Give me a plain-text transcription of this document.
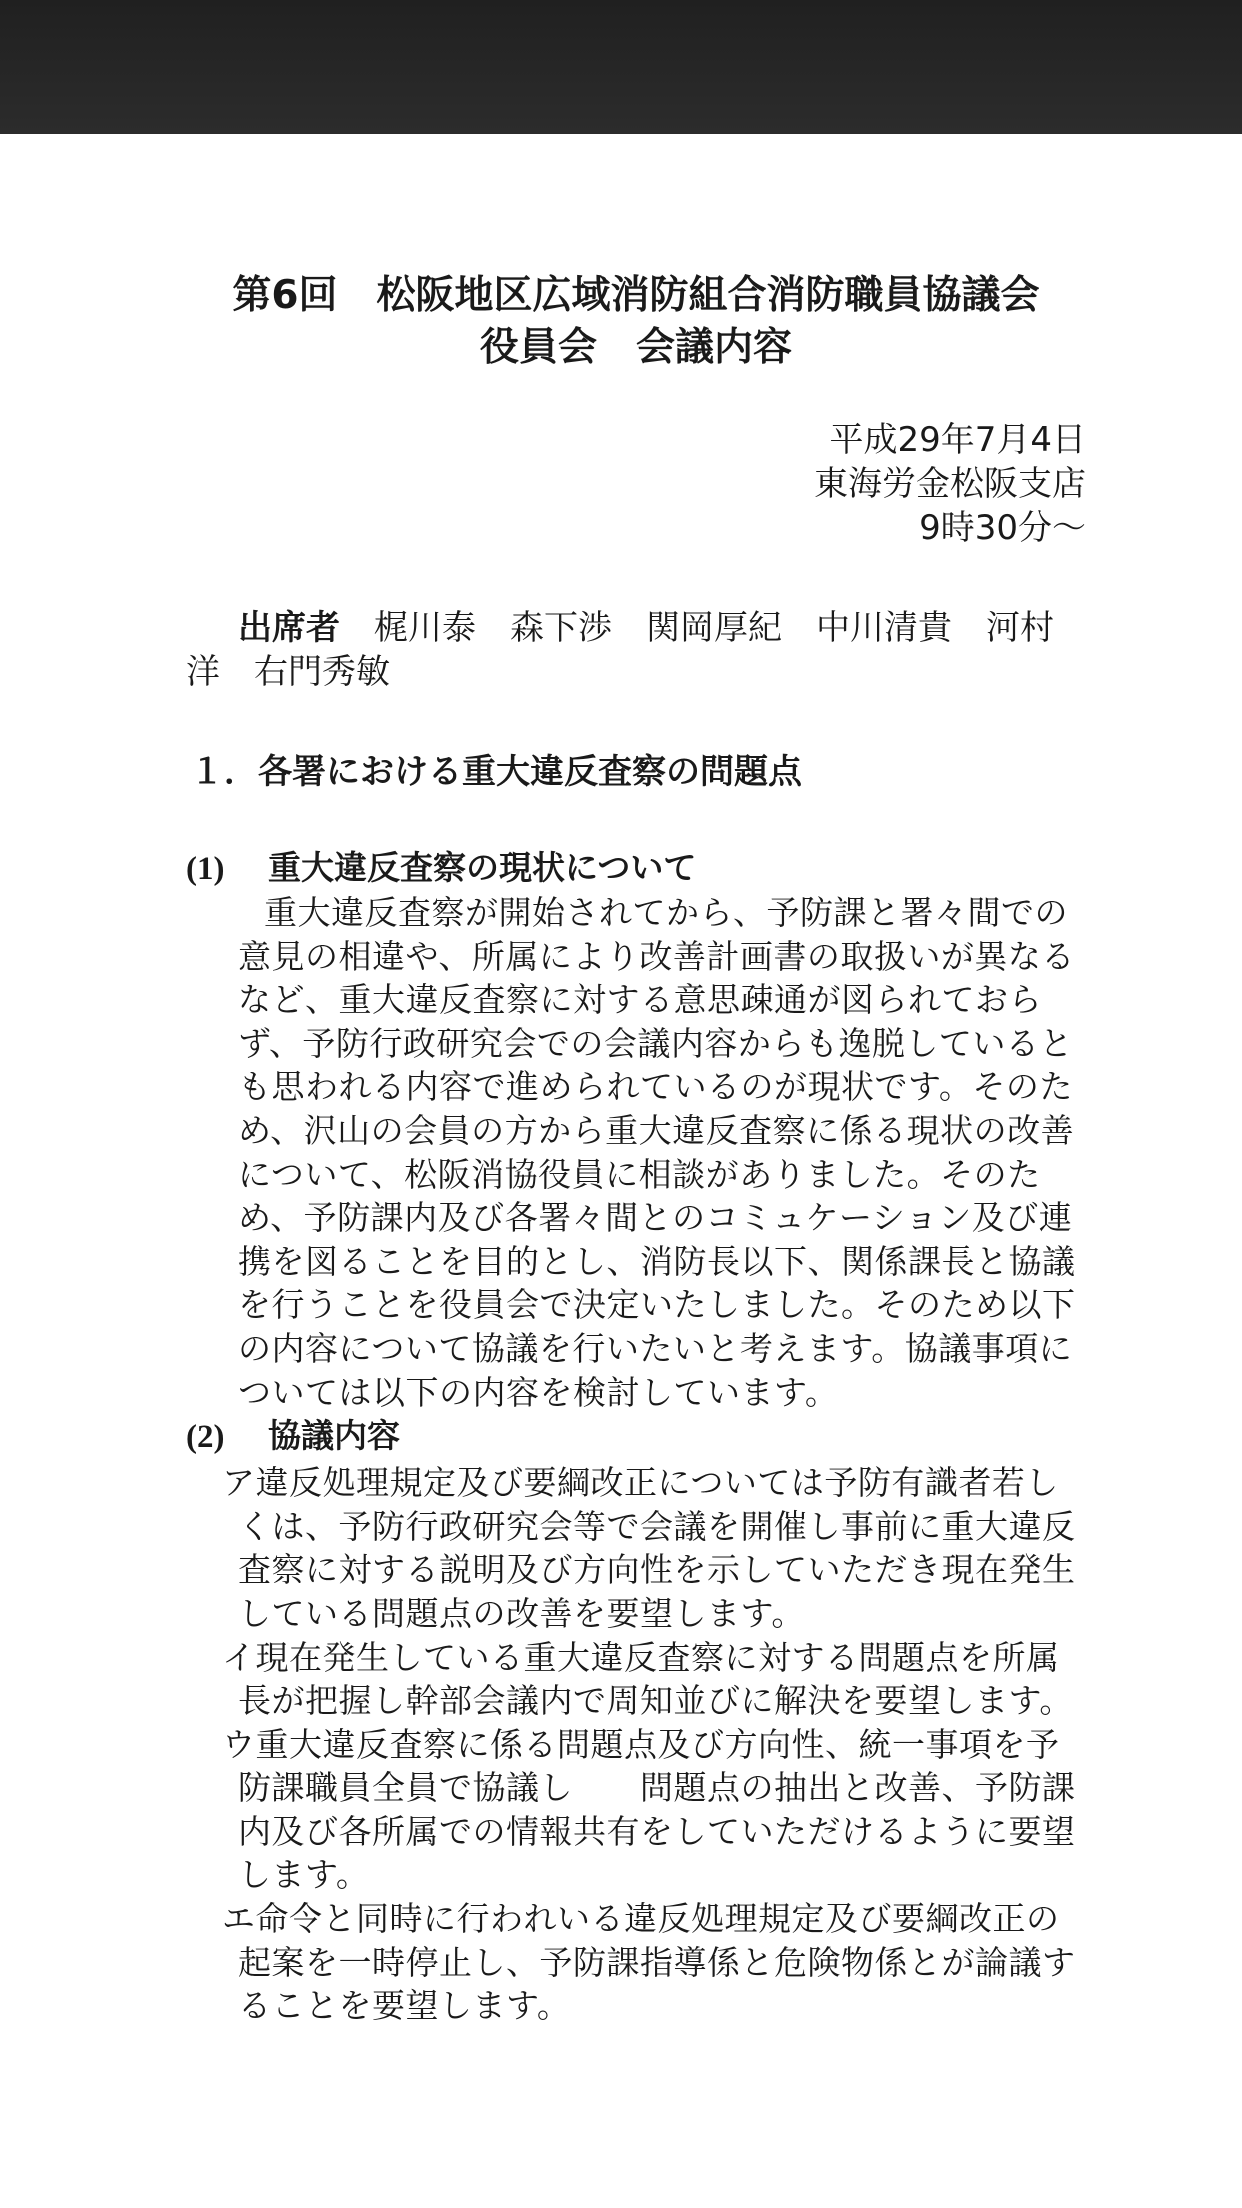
第6回　松阪地区広域消防組合消防職員協議会
役員会　会議内容
平成29年7月4日
東海労金松阪支店
9時30分〜
出席者　梶川泰　森下渉　関岡厚紀　中川清貴　河村洋　右門秀敏
１．各署における重大違反査察の問題点
(1) 重大違反査察の現状について
重大違反査察が開始されてから、予防課と署々間での意見の相違や、所属により改善計画書の取扱いが異なるなど、重大違反査察に対する意思疎通が図られておらず、予防行政研究会での会議内容からも逸脱しているとも思われる内容で進められているのが現状です。そのため、沢山の会員の方から重大違反査察に係る現状の改善について、松阪消協役員に相談がありました。そのため、予防課内及び各署々間とのコミュケーション及び連携を図ることを目的とし、消防長以下、関係課長と協議を行うことを役員会で決定いたしました。そのため以下の内容について協議を行いたいと考えます。協議事項については以下の内容を検討しています。
(2) 協議内容
ア違反処理規定及び要綱改正については予防有識者若しくは、予防行政研究会等で会議を開催し事前に重大違反査察に対する説明及び方向性を示していただき現在発生している問題点の改善を要望します。
イ現在発生している重大違反査察に対する問題点を所属長が把握し幹部会議内で周知並びに解決を要望します。
ウ重大違反査察に係る問題点及び方向性、統一事項を予防課職員全員で協議し　　問題点の抽出と改善、予防課内及び各所属での情報共有をしていただけるように要望します。
エ命令と同時に行われいる違反処理規定及び要綱改正の起案を一時停止し、予防課指導係と危険物係とが論議することを要望します。
